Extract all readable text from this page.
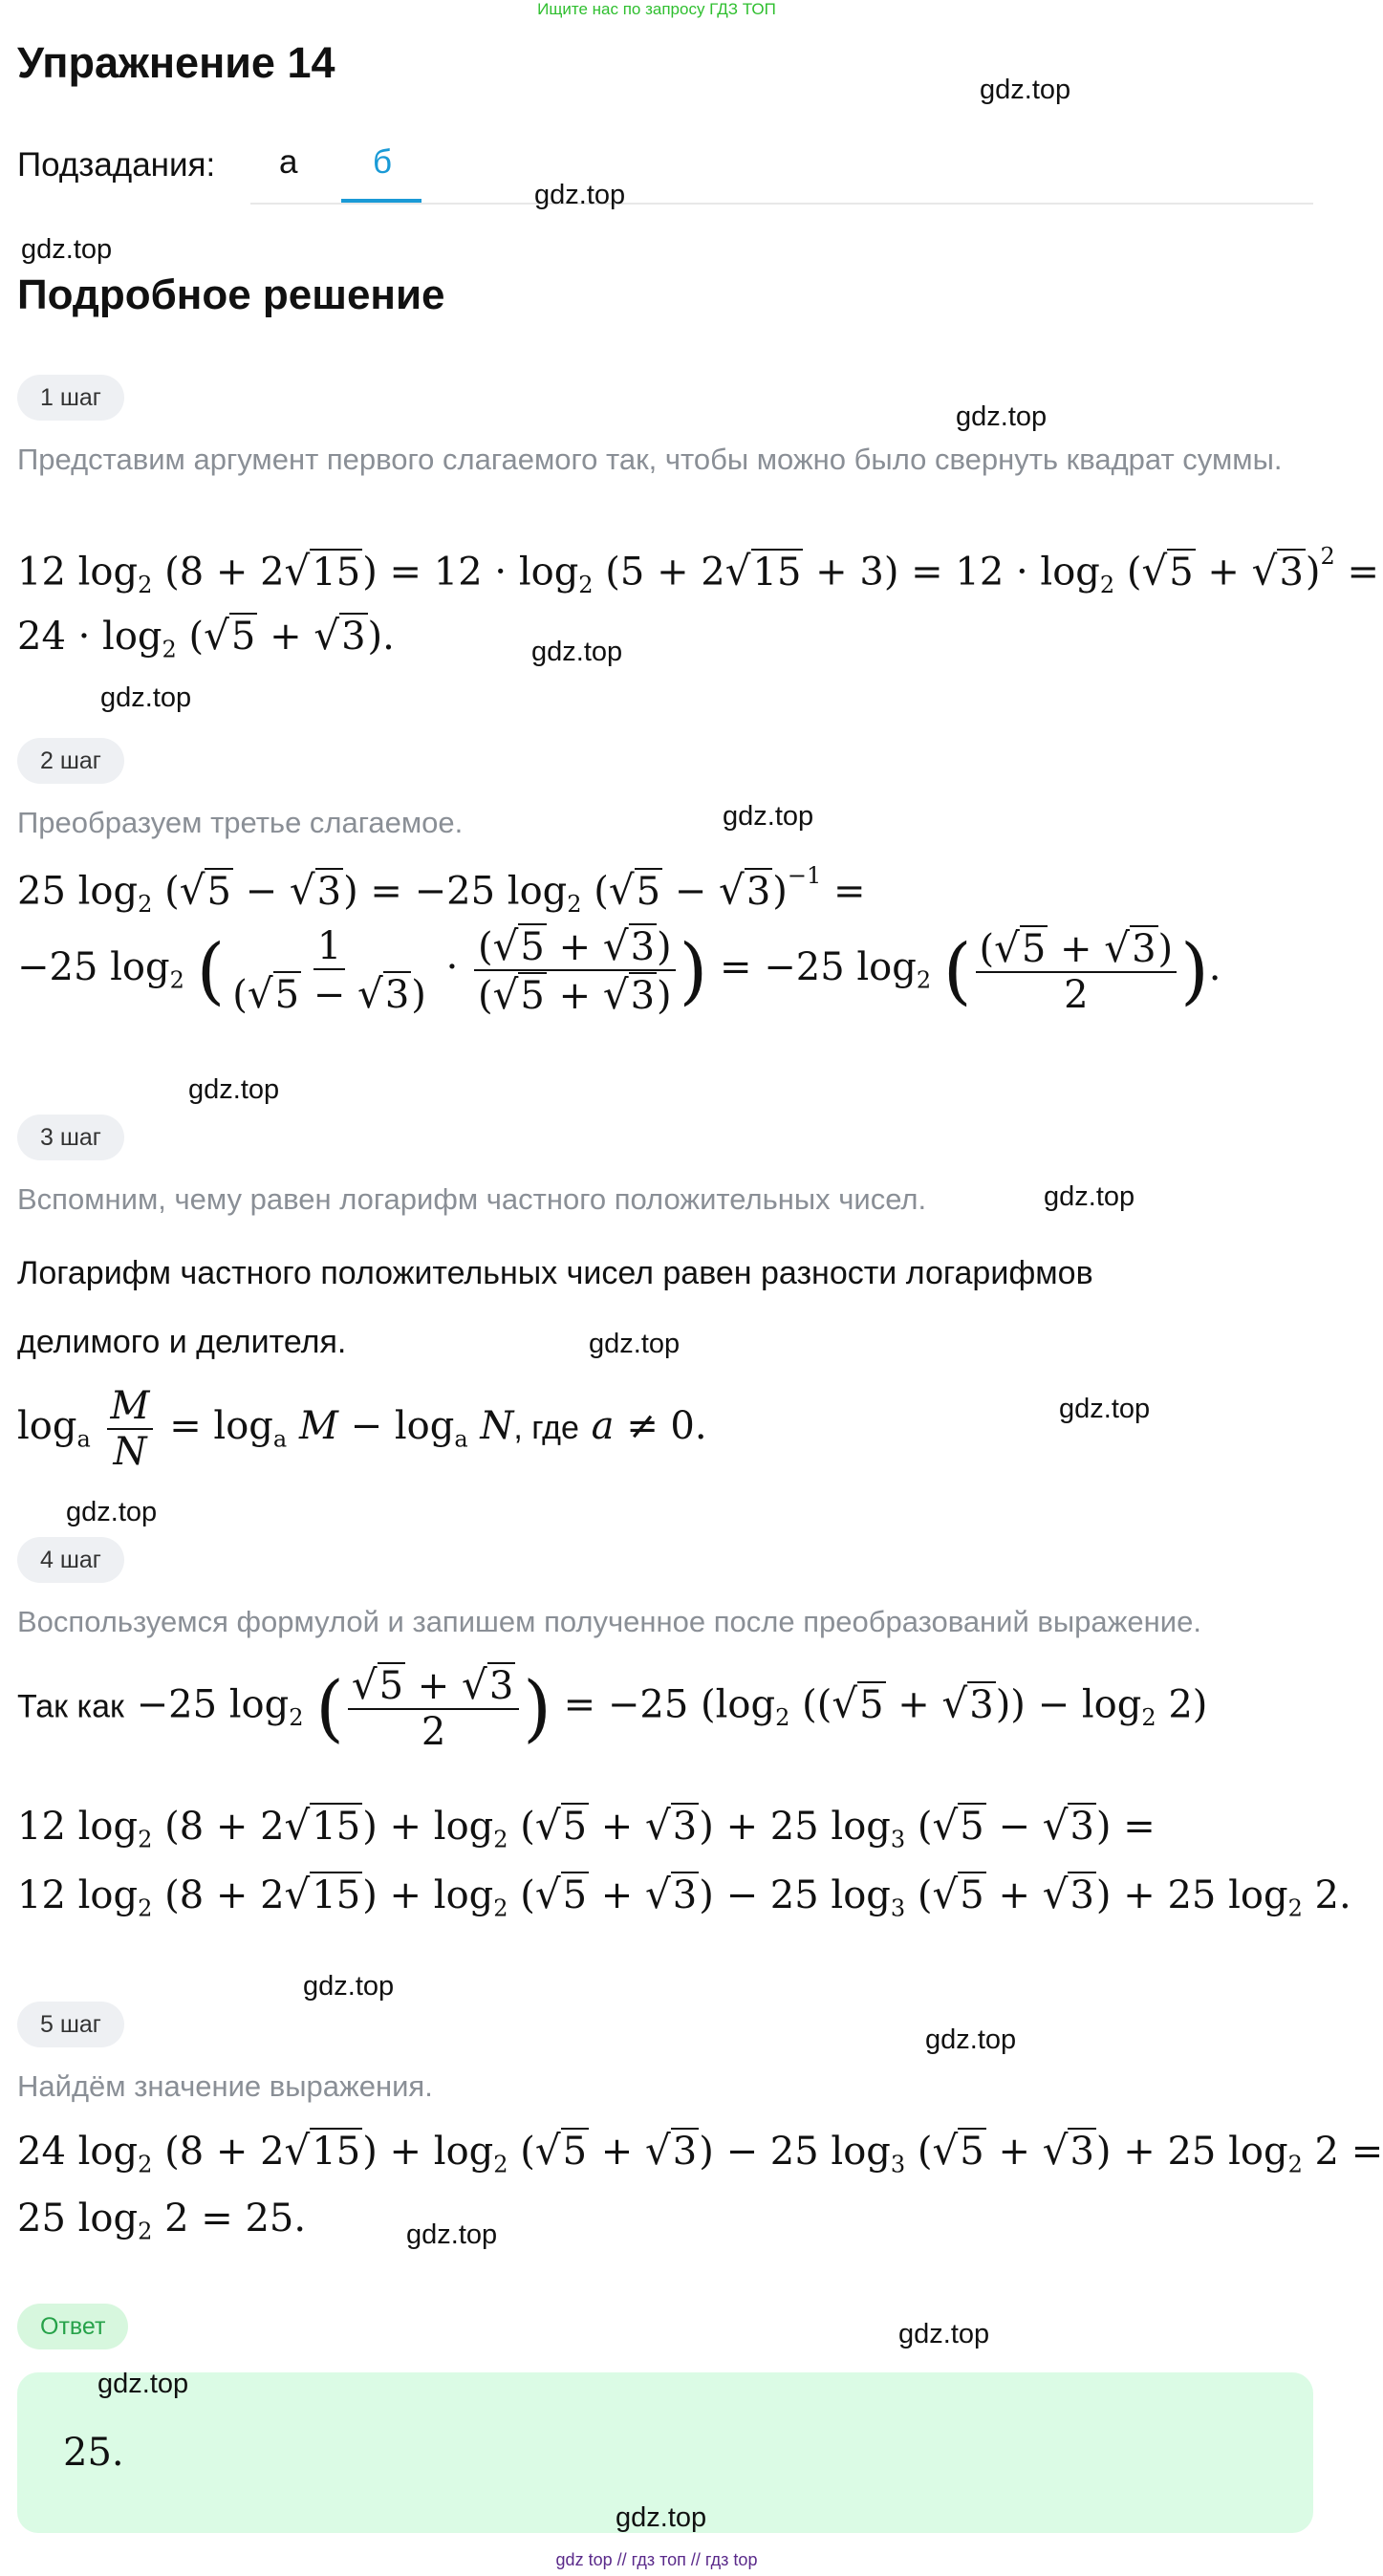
Ищите нас по запросу ГДЗ ТОП
Упражнение 14
Подзадания: а б
Подробное решение
1 шаг
Представим аргумент первого слагаемого так, чтобы можно было свернуть квадрат суммы.
12 $\log_2 (8 + 2√15) = 12 \cdot \log_2 (5 + 2√15 + 3) = 12 \cdot \log_2 (√5 + √3)^2$ =
$24 \cdot \log_2 (√5 + √3)$.
2 шаг
Преобразуем третье слагаемое.
25 $\log_2 (√5 - √3) = -25$ $\log_2 (√5 - √3)^{-1}$ =
−25 $\log_2$ ( $\frac{1}{(√5 - √3)} \cdot \frac{(√5 + √3)}{(√5 + √3)}$ ) = −25 $\log_2$ ( $\frac{(√5 + √3)}{2}$ ).
3 шаг
Вспомним, чему равен логарифм частного положительных чисел.
Логарифм частного положительных чисел равен разности логарифмов делимого и делителя.
$\log_a \frac{M}{N} = \log_a M - \log_a N$, где a ≠ 0.
4 шаг
Воспользуемся формулой и запишем полученное после преобразований выражение.
Так как −25 $\log_2$ ( $\frac{√5 + √3}{2}$ ) = −25 ($\log_2$ $((√5 + √3)) - \log_2 2$)
12 $\log_2 (8 + 2√15) + \log_2 (√5 + √3) + 25$ $\log_3 (√5 - √3)$ =
12 $\log_2 (8 + 2√15) + \log_2 (√5 + √3) - 25$ $\log_3 (√5 + √3) + 25$ $\log_2 2$.
5 шаг
Найдём значение выражения.
24 $\log_2 (8 + 2√15) + \log_2 (√5 + √3) - 25$ $\log_3 (√5 + √3) + 25$ $\log_2 2$ =
25 $\log_2 2 = 25$.
Ответ
25.
gdz.top
gdz.top
gdz.top
gdz.top
gdz.top
gdz.top
gdz.top
gdz.top
gdz.top
gdz.top
gdz.top
gdz.top
gdz.top
gdz.top
gdz.top
gdz.top
gdz.top
gdz.top
gdz top // гдз топ // гдз top
